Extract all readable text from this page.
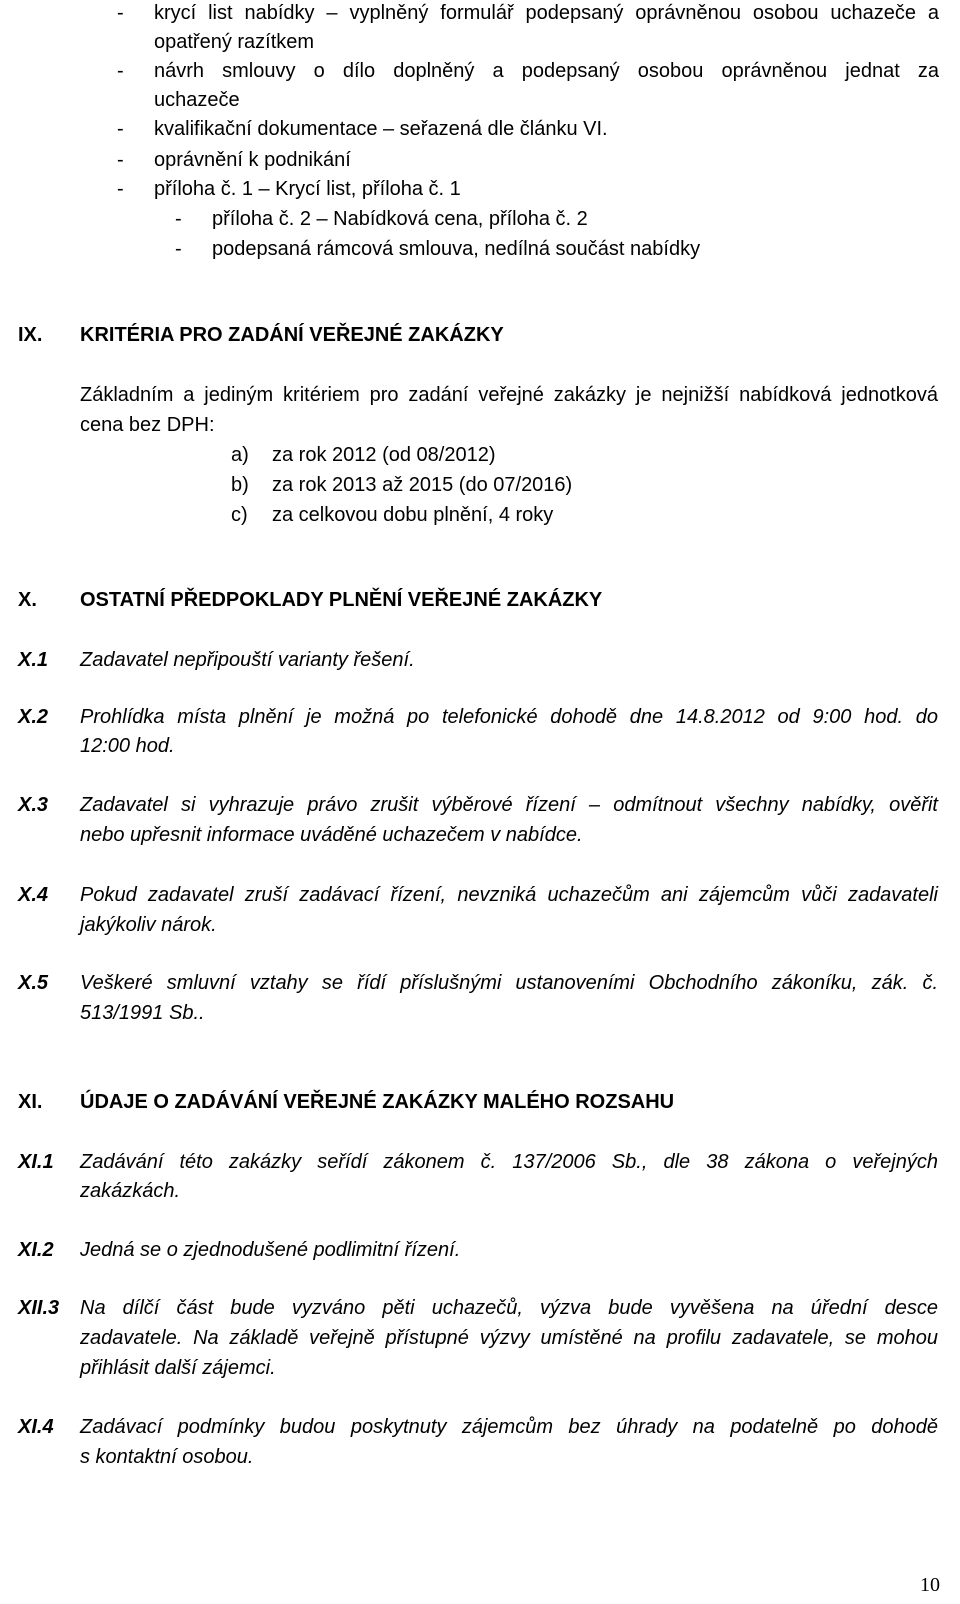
-	krycí list nabídky – vyplněný formulář podepsaný oprávněnou osobou uchazeče a
opatřený razítkem
-	návrh smlouvy o dílo doplněný a podepsaný osobou oprávněnou jednat za
uchazeče
-	kvalifikační dokumentace – seřazená dle článku VI.
-	oprávnění k podnikání
-	příloha č. 1 – Krycí list, příloha č. 1
-	příloha č. 2 – Nabídková cena, příloha č. 2
-	podepsaná rámcová smlouva, nedílná součást nabídky
IX. KRITÉRIA PRO ZADÁNÍ VEŘEJNÉ ZAKÁZKY
Základním a jediným kritériem pro zadání veřejné zakázky je nejnižší nabídková jednotková
cena bez DPH:
a) za rok 2012 (od 08/2012)
b) za rok 2013 až 2015 (do 07/2016)
c) za celkovou dobu plnění, 4 roky
X. OSTATNÍ PŘEDPOKLADY PLNĚNÍ VEŘEJNÉ ZAKÁZKY
X.1 Zadavatel nepřipouští varianty řešení.
X.2 Prohlídka místa plnění je možná po telefonické dohodě dne 14.8.2012 od 9:00 hod. do
12:00 hod.
X.3 Zadavatel si vyhrazuje právo zrušit výběrové řízení – odmítnout všechny nabídky, ověřit
nebo upřesnit informace uváděné uchazečem v nabídce.
X.4 Pokud zadavatel zruší zadávací řízení, nevzniká uchazečům ani zájemcům vůči zadavateli
jakýkoliv nárok.
X.5 Veškeré smluvní vztahy se řídí příslušnými ustanoveními Obchodního zákoníku, zák. č.
513/1991 Sb..
XI. ÚDAJE O ZADÁVÁNÍ VEŘEJNÉ ZAKÁZKY MALÉHO ROZSAHU
XI.1 Zadávání této zakázky seřídí zákonem č. 137/2006 Sb., dle 38 zákona o veřejných
zakázkách.
XI.2 Jedná se o zjednodušené podlimitní řízení.
XII.3 Na dílčí část bude vyzváno pěti uchazečů, výzva bude vyvěšena na úřední desce
zadavatele. Na základě veřejně přístupné výzvy umístěné na profilu zadavatele, se mohou
přihlásit další zájemci.
XI.4 Zadávací podmínky budou poskytnuty zájemcům bez úhrady na podatelně po dohodě
s kontaktní osobou.
10
